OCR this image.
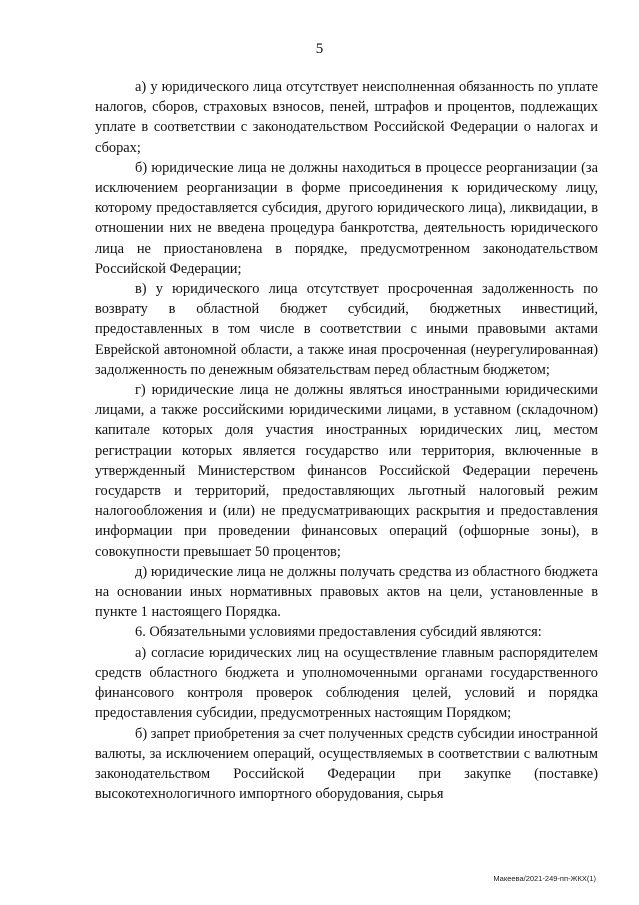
5

а) у юридического лица отсутствует неисполненная обязанность по уплате налогов, сборов, страховых взносов, пеней, штрафов и процентов, подлежащих уплате в соответствии с законодательством Российской Федерации о налогах и сборах;

б) юридические лица не должны находиться в процессе реорганизации (за исключением реорганизации в форме присоединения к юридическому лицу, которому предоставляется субсидия, другого юридического лица), ликвидации, в отношении них не введена процедура банкротства, деятельность юридического лица не приостановлена в порядке, предусмотренном законодательством Российской Федерации;

в) у юридического лица отсутствует просроченная задолженность по возврату в областной бюджет субсидий, бюджетных инвестиций, предоставленных в том числе в соответствии с иными правовыми актами Еврейской автономной области, а также иная просроченная (неурегулированная) задолженность по денежным обязательствам перед областным бюджетом;

г) юридические лица не должны являться иностранными юридическими лицами, а также российскими юридическими лицами, в уставном (складочном) капитале которых доля участия иностранных юридических лиц, местом регистрации которых является государство или территория, включенные в утвержденный Министерством финансов Российской Федерации перечень государств и территорий, предоставляющих льготный налоговый режим налогообложения и (или) не предусматривающих раскрытия и предоставления информации при проведении финансовых операций (офшорные зоны), в совокупности превышает 50 процентов;

д) юридические лица не должны получать средства из областного бюджета на основании иных нормативных правовых актов на цели, установленные в пункте 1 настоящего Порядка.

6. Обязательными условиями предоставления субсидий являются:

а) согласие юридических лиц на осуществление главным распорядителем средств областного бюджета и уполномоченными органами государственного финансового контроля проверок соблюдения целей, условий и порядка предоставления субсидии, предусмотренных настоящим Порядком;

б) запрет приобретения за счет полученных средств субсидии иностранной валюты, за исключением операций, осуществляемых в соответствии с валютным законодательством Российской Федерации при закупке (поставке) высокотехнологичного импортного оборудования, сырья

Макеева/2021-249-пп-ЖКХ(1)
